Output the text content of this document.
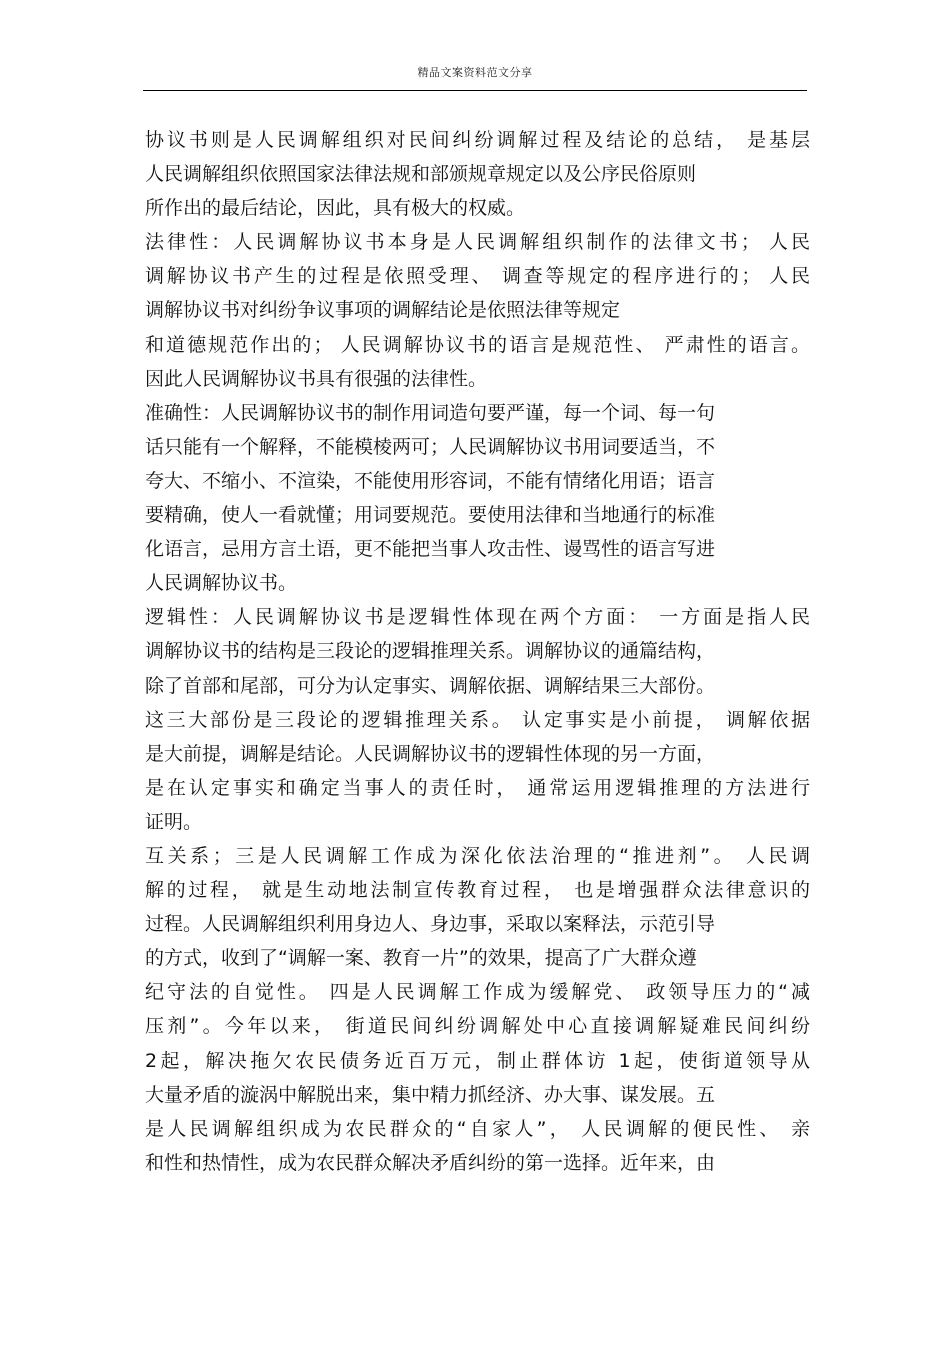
精品文案资料范文分享
协议书则是人民调解组织对民间纠纷调解过程及结论的总结， 是基层
人民调解组织依照国家法律法规和部颁规章规定以及公序民俗原则
所作出的最后结论，因此，具有极大的权威。
法律性：人民调解协议书本身是人民调解组织制作的法律文书； 人民
调解协议书产生的过程是依照受理、 调查等规定的程序进行的； 人民
调解协议书对纠纷争议事项的调解结论是依照法律等规定
和道德规范作出的； 人民调解协议书的语言是规范性、 严肃性的语言。
因此人民调解协议书具有很强的法律性。
准确性：人民调解协议书的制作用词造句要严谨，每一个词、每一句
话只能有一个解释，不能模棱两可；人民调解协议书用词要适当，不
夸大、不缩小、不渲染，不能使用形容词，不能有情绪化用语；语言
要精确，使人一看就懂；用词要规范。要使用法律和当地通行的标准
化语言，忌用方言土语，更不能把当事人攻击性、谩骂性的语言写进
人民调解协议书。
逻辑性：人民调解协议书是逻辑性体现在两个方面： 一方面是指人民
调解协议书的结构是三段论的逻辑推理关系。调解协议的通篇结构，
除了首部和尾部，可分为认定事实、调解依据、调解结果三大部份。
这三大部份是三段论的逻辑推理关系。 认定事实是小前提， 调解依据
是大前提，调解是结论。人民调解协议书的逻辑性体现的另一方面，
是在认定事实和确定当事人的责任时， 通常运用逻辑推理的方法进行
证明。
互关系；三是人民调解工作成为深化依法治理的“推进剂”。 人民调
解的过程， 就是生动地法制宣传教育过程， 也是增强群众法律意识的
过程。人民调解组织利用身边人、身边事，采取以案释法，示范引导
的方式，收到了“调解一案、教育一片”的效果，提高了广大群众遵
纪守法的自觉性。 四是人民调解工作成为缓解党、 政领导压力的“减
压剂”。今年以来， 街道民间纠纷调解处中心直接调解疑难民间纠纷
2起，解决拖欠农民债务近百万元，制止群体访 1起，使街道领导从
大量矛盾的漩涡中解脱出来，集中精力抓经济、办大事、谋发展。五
是人民调解组织成为农民群众的“自家人”， 人民调解的便民性、 亲
和性和热情性，成为农民群众解决矛盾纠纷的第一选择。近年来，由
